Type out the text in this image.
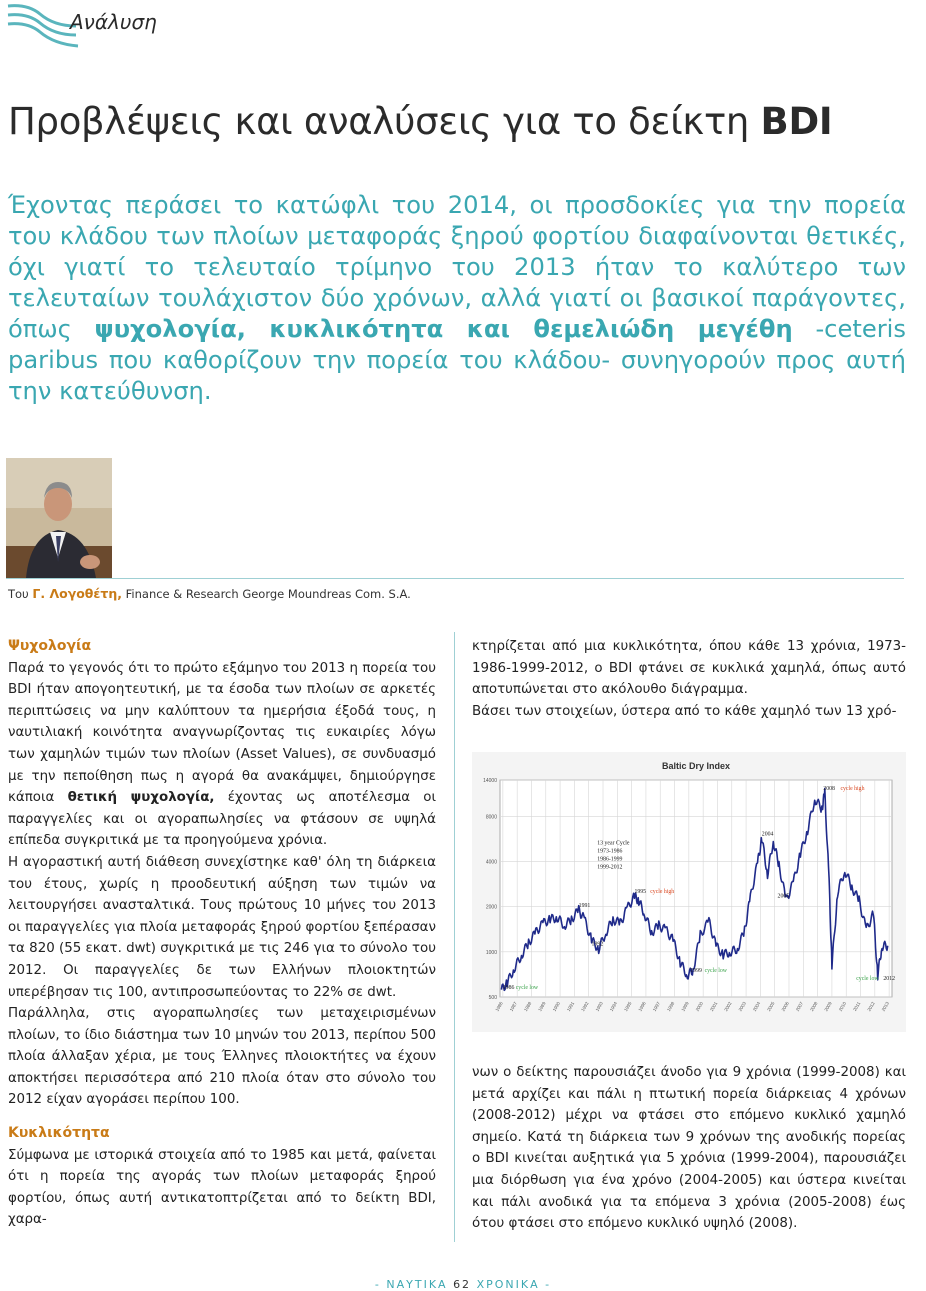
Ανάλυση
Προβλέψεις και αναλύσεις για το δείκτη BDI

Έχοντας περάσει το κατώφλι του 2014, οι προσδοκίες για την πορεία του κλάδου των πλοίων μεταφοράς ξηρού φορτίου διαφαίνονται θετικές, όχι γιατί το τελευταίο τρίμηνο του 2013 ήταν το καλύτερο των τελευταίων τουλάχιστον δύο χρόνων, αλλά γιατί οι βασικοί παράγοντες, όπως ψυχολογία, κυκλικότητα και θεμελιώδη μεγέθη -ceteris paribus που καθορίζουν την πορεία του κλάδου- συνηγορούν προς αυτή την κατεύθυνση.

Του Γ. Λογοθέτη, Finance & Research George Moundreas Com. S.A.
Ψυχολογία

Παρά το γεγονός ότι το πρώτο εξάμηνο του 2013 η πορεία του BDI ήταν απογοητευτική, με τα έσοδα των πλοίων σε αρκετές περιπτώσεις να μην καλύπτουν τα ημερήσια έξοδά τους, η ναυτιλιακή κοινότητα αναγνωρίζοντας τις ευκαιρίες λόγω των χαμηλών τιμών των πλοίων (Asset Values), σε συνδυασμό με την πεποίθηση πως η αγορά θα ανακάμψει, δημιούργησε κάποια θετική ψυχολογία, έχοντας ως αποτέλεσμα οι παραγγελίες και οι αγοραπωλησίες να φτάσουν σε υψηλά επίπεδα συγκριτικά με τα προηγούμενα χρόνια.

Η αγοραστική αυτή διάθεση συνεχίστηκε καθ' όλη τη διάρκεια του έτους, χωρίς η προοδευτική αύξηση των τιμών να λειτουργήσει ανασταλτικά. Τους πρώτους 10 μήνες του 2013 οι παραγγελίες για πλοία μεταφοράς ξηρού φορτίου ξεπέρασαν τα 820 (55 εκατ. dwt) συγκριτικά με τις 246 για το σύνολο του 2012. Οι παραγγελίες δε των Ελλήνων πλοιοκτητών υπερέβησαν τις 100, αντιπροσωπεύοντας το 22% σε dwt.

Παράλληλα, στις αγοραπωλησίες των μεταχειρισμένων πλοίων, το ίδιο διάστημα των 10 μηνών του 2013, περίπου 500 πλοία άλλαξαν χέρια, με τους Έλληνες πλοιοκτήτες να έχουν αποκτήσει περισσότερα από 210 πλοία όταν στο σύνολο του 2012 είχαν αγοράσει περίπου 100.

Κυκλικότητα

Σύμφωνα με ιστορικά στοιχεία από το 1985 και μετά, φαίνεται ότι η πορεία της αγοράς των πλοίων μεταφοράς ξηρού φορτίου, όπως αυτή αντικατοπτρίζεται από το δείκτη BDI, χαρα-

κτηρίζεται από μια κυκλικότητα, όπου κάθε 13 χρόνια, 1973-1986-1999-2012, ο BDI φτάνει σε κυκλικά χαμηλά, όπως αυτό αποτυπώνεται στο ακόλουθο διάγραμμα.

Βάσει των στοιχείων, ύστερα από το κάθε χαμηλό των 13 χρό-

Baltic Dry Index
1986 1987 1988 1989 1990 1991 1992 1993 1994 1995 1996 1997 1998 1999 2000 2001 2002 2003 2004 2005 2006 2007 2008 2009 2010 2011 2012 2013
500
1000
2000
4000
8000
14000
1986 cycle low
1991
1992
1995 cycle high
1999 cycle low
2004
2005
2008 cycle high
cycle low 2012
13 year Cycle
1973-1986
1986-1999
1999-2012

νων ο δείκτης παρουσιάζει άνοδο για 9 χρόνια (1999-2008) και μετά αρχίζει και πάλι η πτωτική πορεία διάρκειας 4 χρόνων (2008-2012) μέχρι να φτάσει στο επόμενο κυκλικό χαμηλό σημείο. Κατά τη διάρκεια των 9 χρόνων της ανοδικής πορείας ο BDI κινείται αυξητικά για 5 χρόνια (1999-2004), παρουσιάζει μια διόρθωση για ένα χρόνο (2004-2005) και ύστερα κινείται και πάλι ανοδικά για τα επόμενα 3 χρόνια (2005-2008) έως ότου φτάσει στο επόμενο κυκλικό υψηλό (2008).

- ΝΑΥΤΙΚΑ 62 ΧΡΟΝΙΚΑ -
